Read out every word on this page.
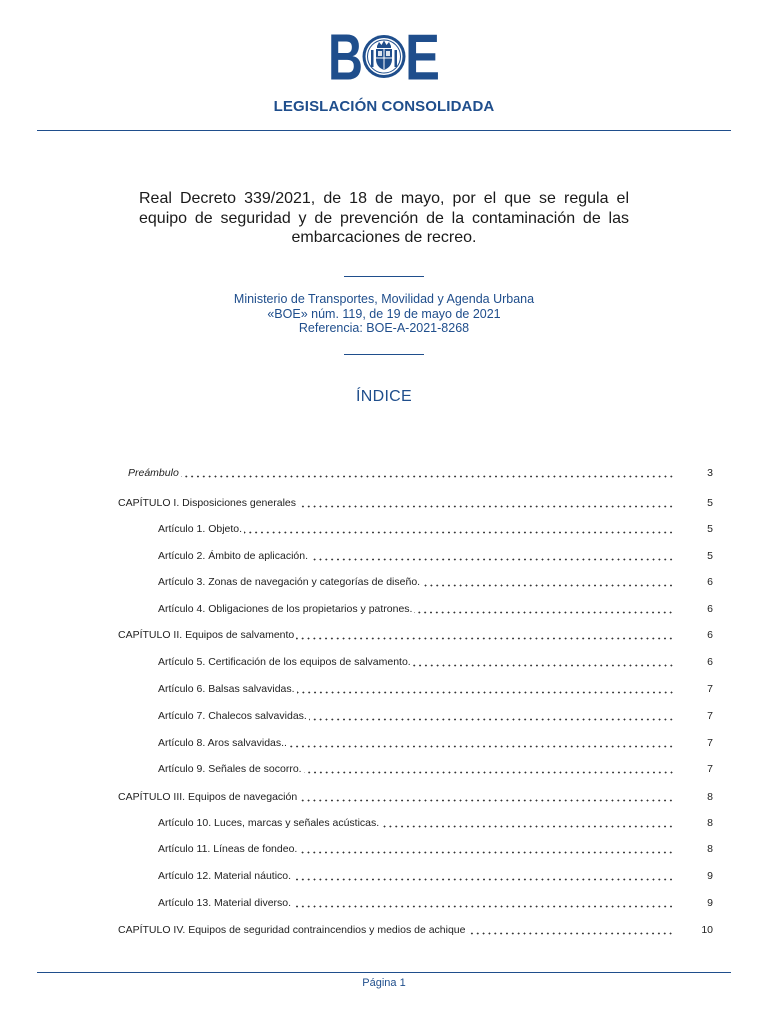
B E
LEGISLACIÓN CONSOLIDADA
Real Decreto 339/2021, de 18 de mayo, por el que se regula el equipo de seguridad y de prevención de la contaminación de las embarcaciones de recreo.
Ministerio de Transportes, Movilidad y Agenda Urbana
«BOE» núm. 119, de 19 de mayo de 2021
Referencia: BOE-A-2021-8268
ÍNDICE
Preámbulo	3
CAPÍTULO I. Disposiciones generales	5
Artículo 1. Objeto.	5
Artículo 2. Ámbito de aplicación.	5
Artículo 3. Zonas de navegación y categorías de diseño.	6
Artículo 4. Obligaciones de los propietarios y patrones.	6
CAPÍTULO II. Equipos de salvamento	6
Artículo 5. Certificación de los equipos de salvamento.	6
Artículo 6. Balsas salvavidas.	7
Artículo 7. Chalecos salvavidas.	7
Artículo 8. Aros salvavidas..	7
Artículo 9. Señales de socorro.	7
CAPÍTULO III. Equipos de navegación	8
Artículo 10. Luces, marcas y señales acústicas.	8
Artículo 11. Líneas de fondeo.	8
Artículo 12. Material náutico.	9
Artículo 13. Material diverso.	9
CAPÍTULO IV. Equipos de seguridad contraincendios y medios de achique	10
Página 1
